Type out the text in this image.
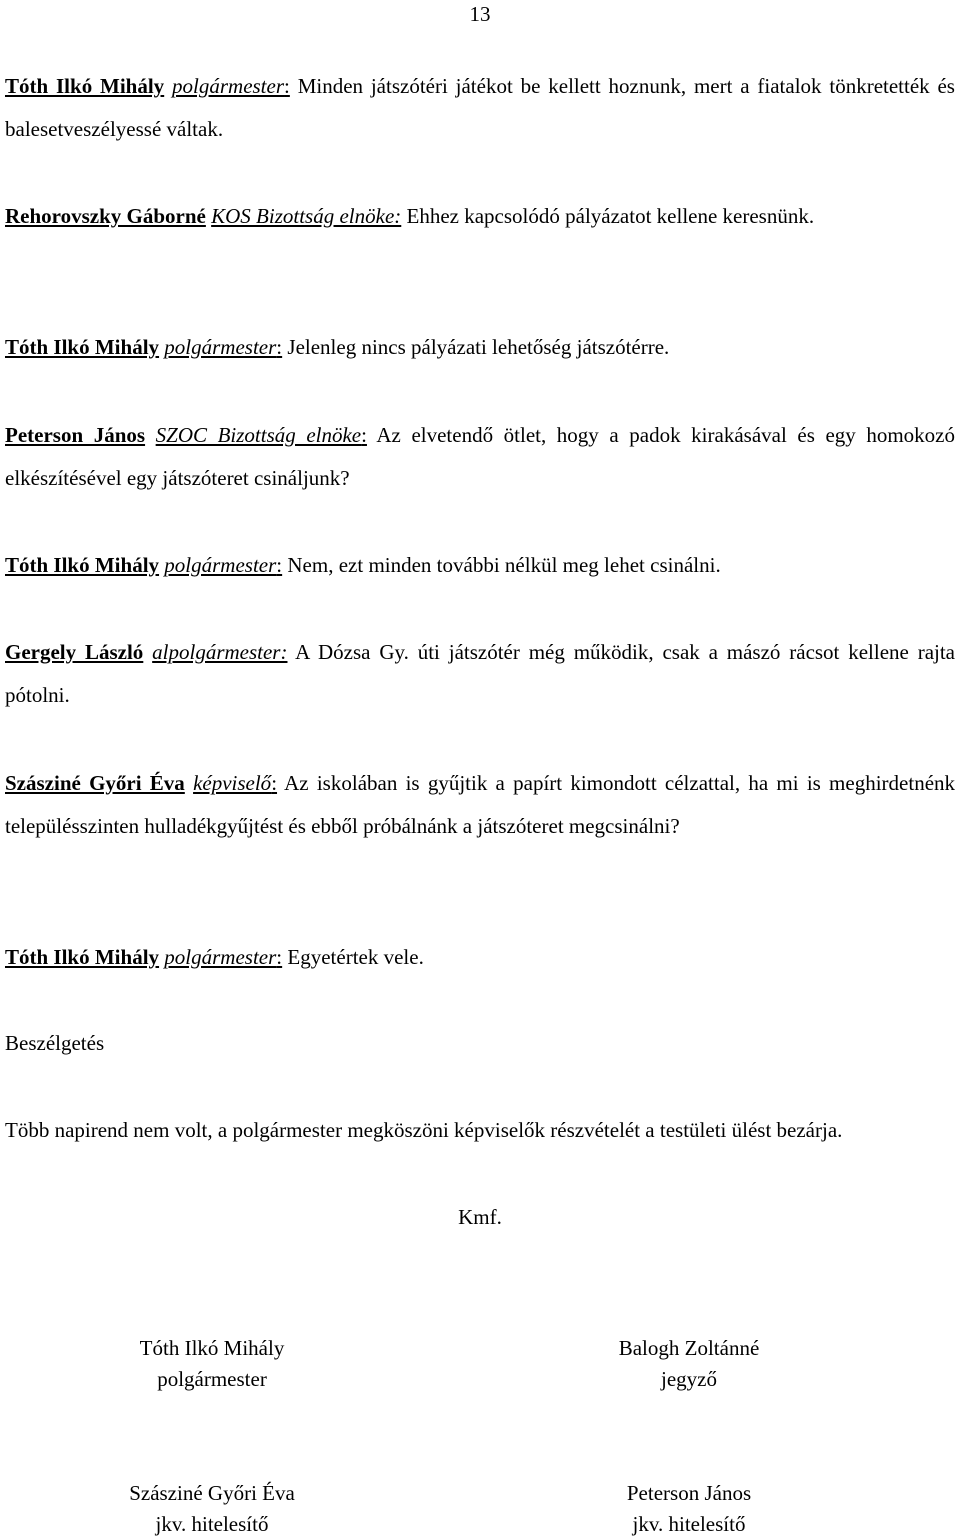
13

Tóth Ilkó Mihály polgármester: Minden játszótéri játékot be kellett hoznunk, mert a fiatalok tönkretették és balesetveszélyessé váltak.

Rehorovszky Gáborné KOS Bizottság elnöke: Ehhez kapcsolódó pályázatot kellene keresnünk.

Tóth Ilkó Mihály polgármester: Jelenleg nincs pályázati lehetőség játszótérre.

Peterson János SZOC Bizottság elnöke: Az elvetendő ötlet, hogy a padok kirakásával és egy homokozó elkészítésével egy játszóteret csináljunk?

Tóth Ilkó Mihály polgármester: Nem, ezt minden további nélkül meg lehet csinálni.

Gergely László alpolgármester: A Dózsa Gy. úti játszótér még működik, csak a mászó rácsot kellene rajta pótolni.

Szásziné Győri Éva képviselő: Az iskolában is gyűjtik a papírt kimondott célzattal, ha mi is meghirdetnénk településszinten hulladékgyűjtést és ebből próbálnánk a játszóteret megcsinálni?

Tóth Ilkó Mihály polgármester: Egyetértek vele.

Beszélgetés

Több napirend nem volt, a polgármester megköszöni képviselők részvételét a testületi ülést bezárja.

Kmf.

Tóth Ilkó Mihály
polgármester
Balogh Zoltánné
jegyző
Szásziné Győri Éva
jkv. hitelesítő
Peterson János
jkv. hitelesítő
